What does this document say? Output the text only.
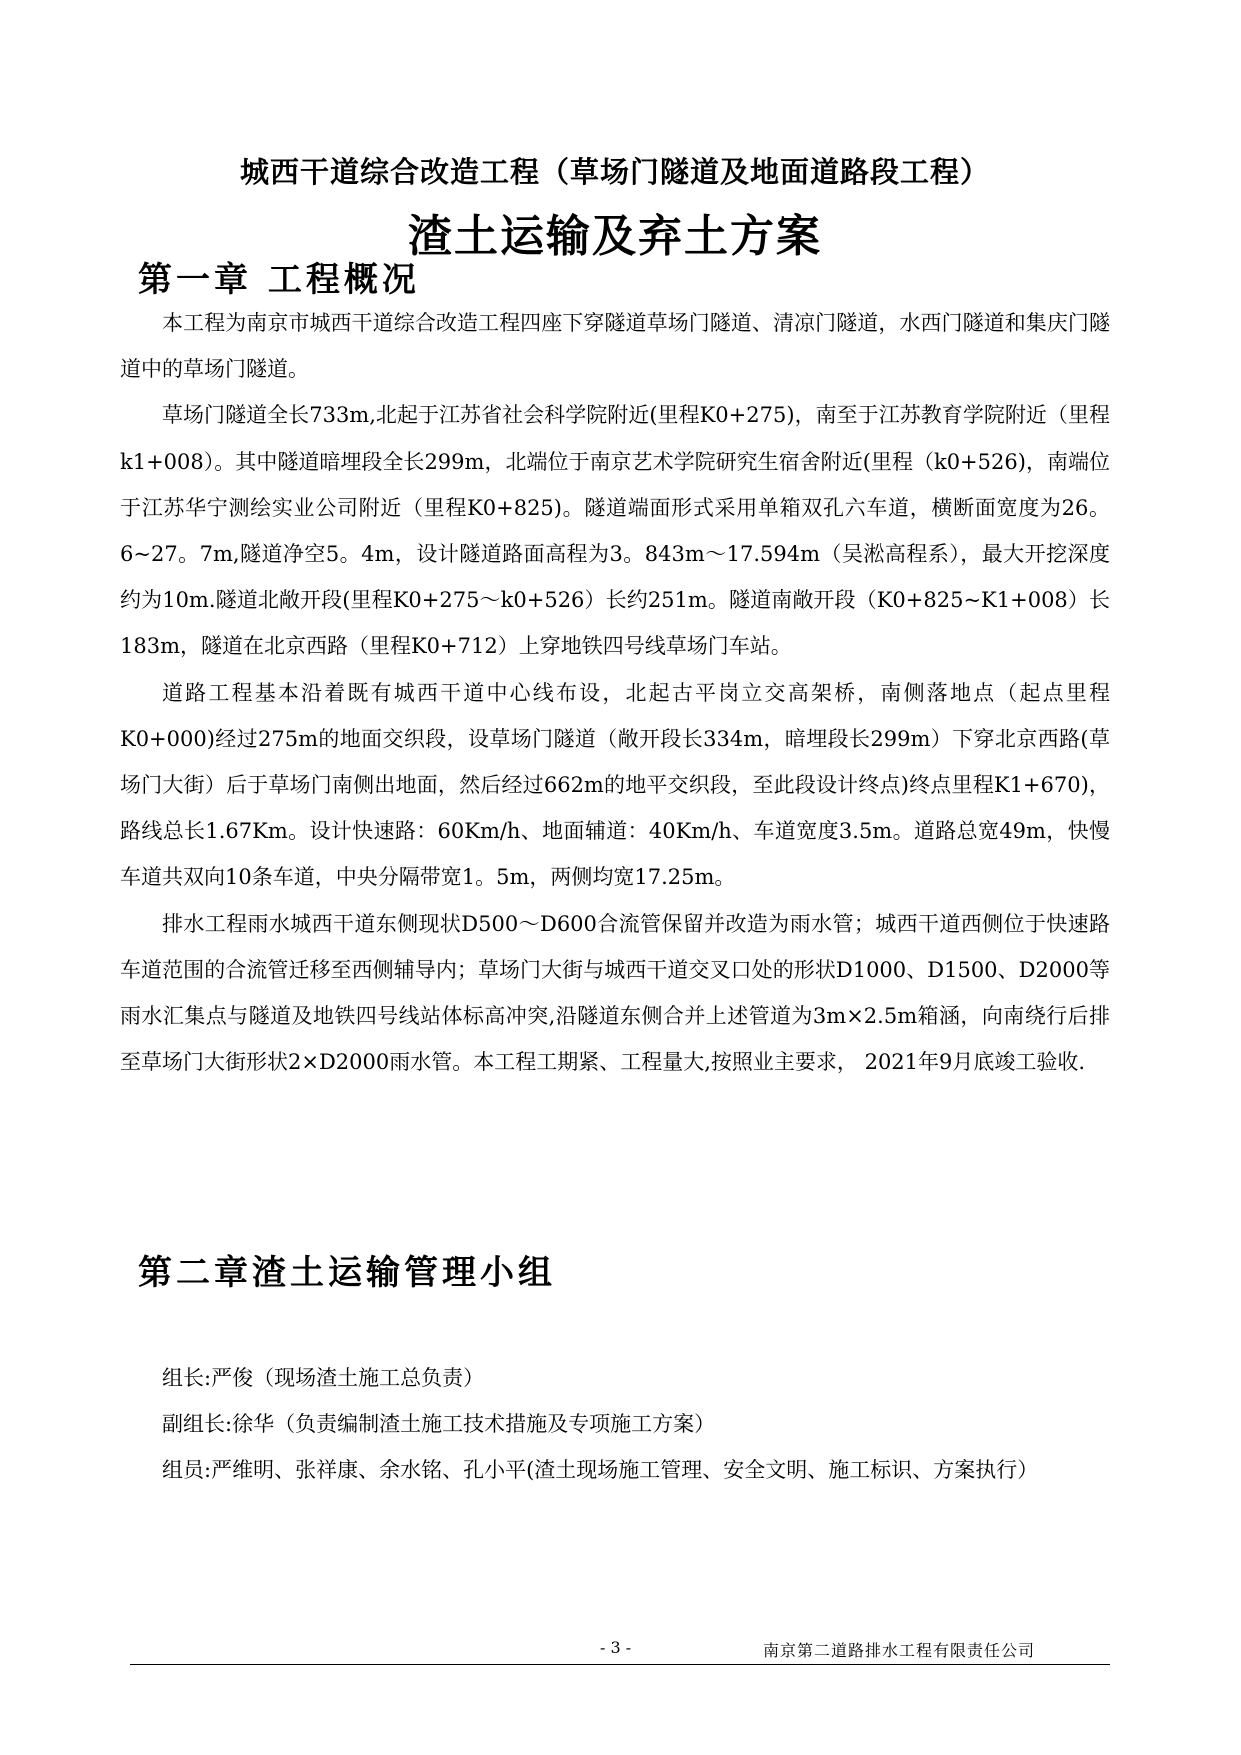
城西干道综合改造工程（草场门隧道及地面道路段工程）
渣土运输及弃土方案
第一章 工程概况

本工程为南京市城西干道综合改造工程四座下穿隧道草场门隧道、清凉门隧道，水西门隧道和集庆门隧道中的草场门隧道。

草场门隧道全长733m,北起于江苏省社会科学院附近(里程K0+275)，南至于江苏教育学院附近（里程k1+008）。其中隧道暗埋段全长299m，北端位于南京艺术学院研究生宿舍附近(里程（k0+526)，南端位于江苏华宁测绘实业公司附近（里程K0+825)。隧道端面形式采用单箱双孔六车道，横断面宽度为26。6~27。7m,隧道净空5。4m，设计隧道路面高程为3。843m～17.594m（吴淞高程系），最大开挖深度约为10m.隧道北敞开段(里程K0+275～k0+526）长约251m。隧道南敞开段（K0+825~K1+008）长183m，隧道在北京西路（里程K0+712）上穿地铁四号线草场门车站。

道路工程基本沿着既有城西干道中心线布设，北起古平岗立交高架桥，南侧落地点（起点里程K0+000)经过275m的地面交织段，设草场门隧道（敞开段长334m，暗埋段长299m）下穿北京西路(草场门大街）后于草场门南侧出地面，然后经过662m的地平交织段，至此段设计终点)终点里程K1+670)，路线总长1.67Km。设计快速路：60Km/h、地面辅道：40Km/h、车道宽度3.5m。道路总宽49m，快慢车道共双向10条车道，中央分隔带宽1。5m，两侧均宽17.25m。

排水工程雨水城西干道东侧现状D500～D600合流管保留并改造为雨水管；城西干道西侧位于快速路车道范围的合流管迁移至西侧辅导内；草场门大街与城西干道交叉口处的形状D1000、D1500、D2000等雨水汇集点与隧道及地铁四号线站体标高冲突,沿隧道东侧合并上述管道为3m×2.5m箱涵，向南绕行后排至草场门大街形状2×D2000雨水管。本工程工期紧、工程量大,按照业主要求， 2021年9月底竣工验收.

第二章渣土运输管理小组

组长:严俊（现场渣土施工总负责）

副组长:徐华（负责编制渣土施工技术措施及专项施工方案）

组员:严维明、张祥康、余水铭、孔小平(渣土现场施工管理、安全文明、施工标识、方案执行）

- 3 -	南京第二道路排水工程有限责任公司
